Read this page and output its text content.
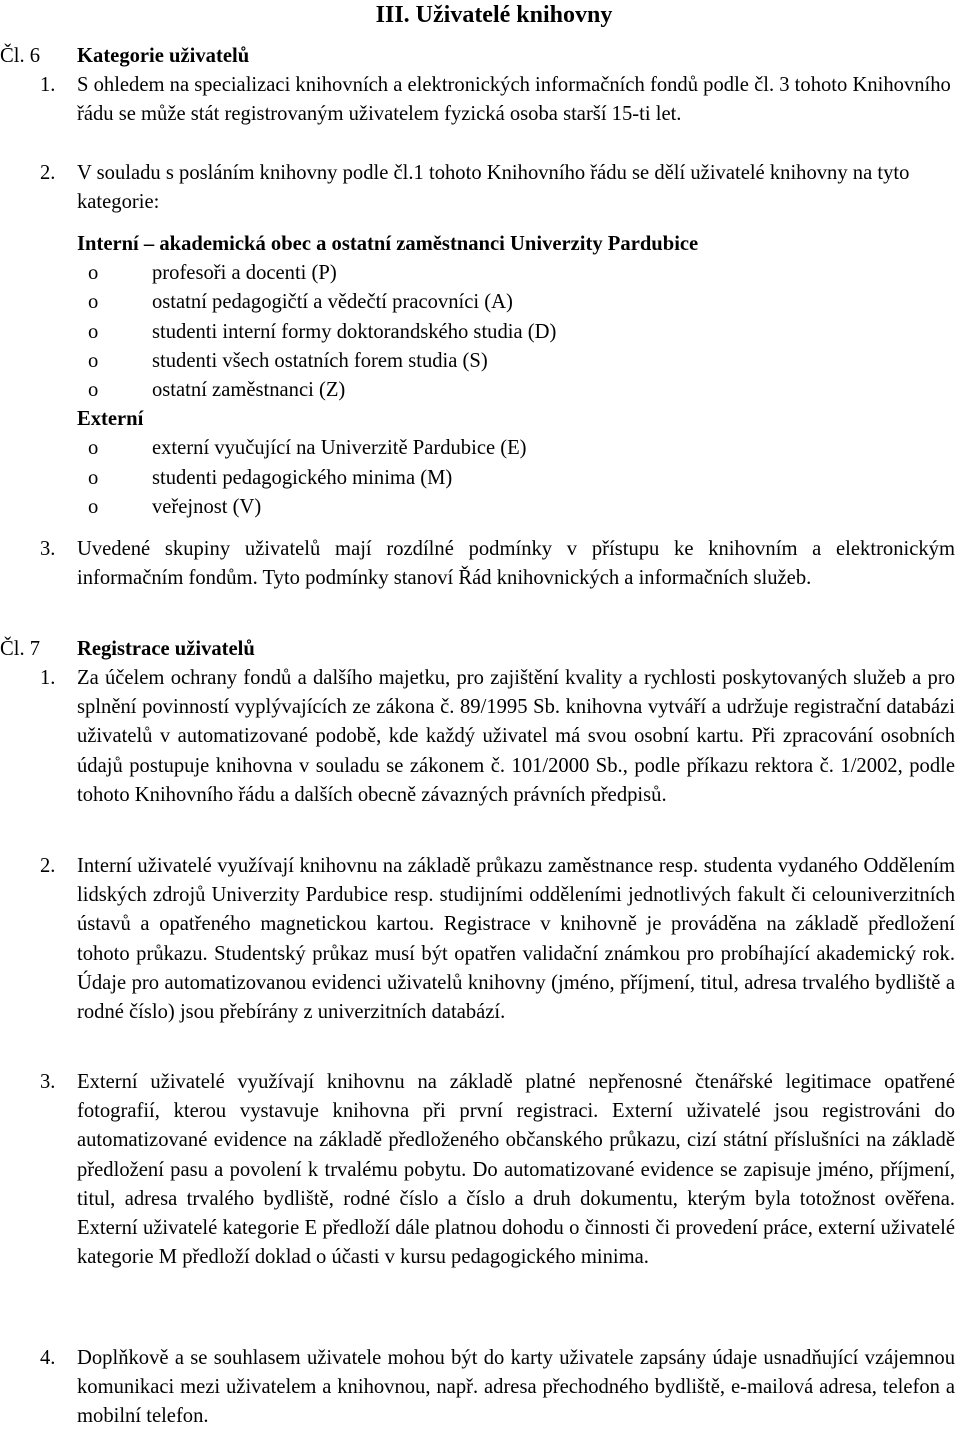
III. Uživatelé knihovny
Čl. 6 Kategorie uživatelů
1. S ohledem na specializaci knihovních a elektronických informačních fondů podle čl. 3 tohoto Knihovního řádu se může stát registrovaným uživatelem fyzická osoba starší 15-ti let.
2. V souladu s posláním knihovny podle čl.1 tohoto Knihovního řádu se dělí uživatelé knihovny na tyto kategorie:
Interní – akademická obec a ostatní zaměstnanci Univerzity Pardubice
o	profesoři a docenti (P)
o	ostatní pedagogičtí a vědečtí pracovníci (A)
o	studenti interní formy doktorandského studia (D)
o	studenti všech ostatních forem studia (S)
o	ostatní zaměstnanci (Z)
Externí
o	externí vyučující na Univerzitě Pardubice (E)
o	studenti pedagogického minima (M)
o	veřejnost (V)
3. Uvedené skupiny uživatelů mají rozdílné podmínky v přístupu ke knihovním a elektronickým informačním fondům. Tyto podmínky stanoví Řád knihovnických a informačních služeb.
Čl. 7 Registrace uživatelů
1. Za účelem ochrany fondů a dalšího majetku, pro zajištění kvality a rychlosti poskytovaných služeb a pro splnění povinností vyplývajících ze zákona č. 89/1995 Sb. knihovna vytváří a udržuje registrační databázi uživatelů v automatizované podobě, kde každý uživatel má svou osobní kartu. Při zpracování osobních údajů postupuje knihovna v souladu se zákonem č. 101/2000 Sb., podle příkazu rektora č. 1/2002, podle tohoto Knihovního řádu a dalších obecně závazných právních předpisů.
2. Interní uživatelé využívají knihovnu na základě průkazu zaměstnance resp. studenta vydaného Oddělením lidských zdrojů Univerzity Pardubice resp. studijními odděleními jednotlivých fakult či celouniverzitních ústavů a opatřeného magnetickou kartou. Registrace v knihovně je prováděna na základě předložení tohoto průkazu. Studentský průkaz musí být opatřen validační známkou pro probíhající akademický rok. Údaje pro automatizovanou evidenci uživatelů knihovny (jméno, příjmení, titul, adresa trvalého bydliště a rodné číslo) jsou přebírány z univerzitních databází.
3. Externí uživatelé využívají knihovnu na základě platné nepřenosné čtenářské legitimace opatřené fotografií, kterou vystavuje knihovna při první registraci. Externí uživatelé jsou registrováni do automatizované evidence na základě předloženého občanského průkazu, cizí státní příslušníci na základě předložení pasu a povolení k trvalému pobytu. Do automatizované evidence se zapisuje jméno, příjmení, titul, adresa trvalého bydliště, rodné číslo a číslo a druh dokumentu, kterým byla totožnost ověřena. Externí uživatelé kategorie E předloží dále platnou dohodu o činnosti či provedení práce, externí uživatelé kategorie M předloží doklad o účasti v kursu pedagogického minima.
4. Doplňkově a se souhlasem uživatele mohou být do karty uživatele zapsány údaje usnadňující vzájemnou komunikaci mezi uživatelem a knihovnou, např. adresa přechodného bydliště, e-mailová adresa, telefon a mobilní telefon.
